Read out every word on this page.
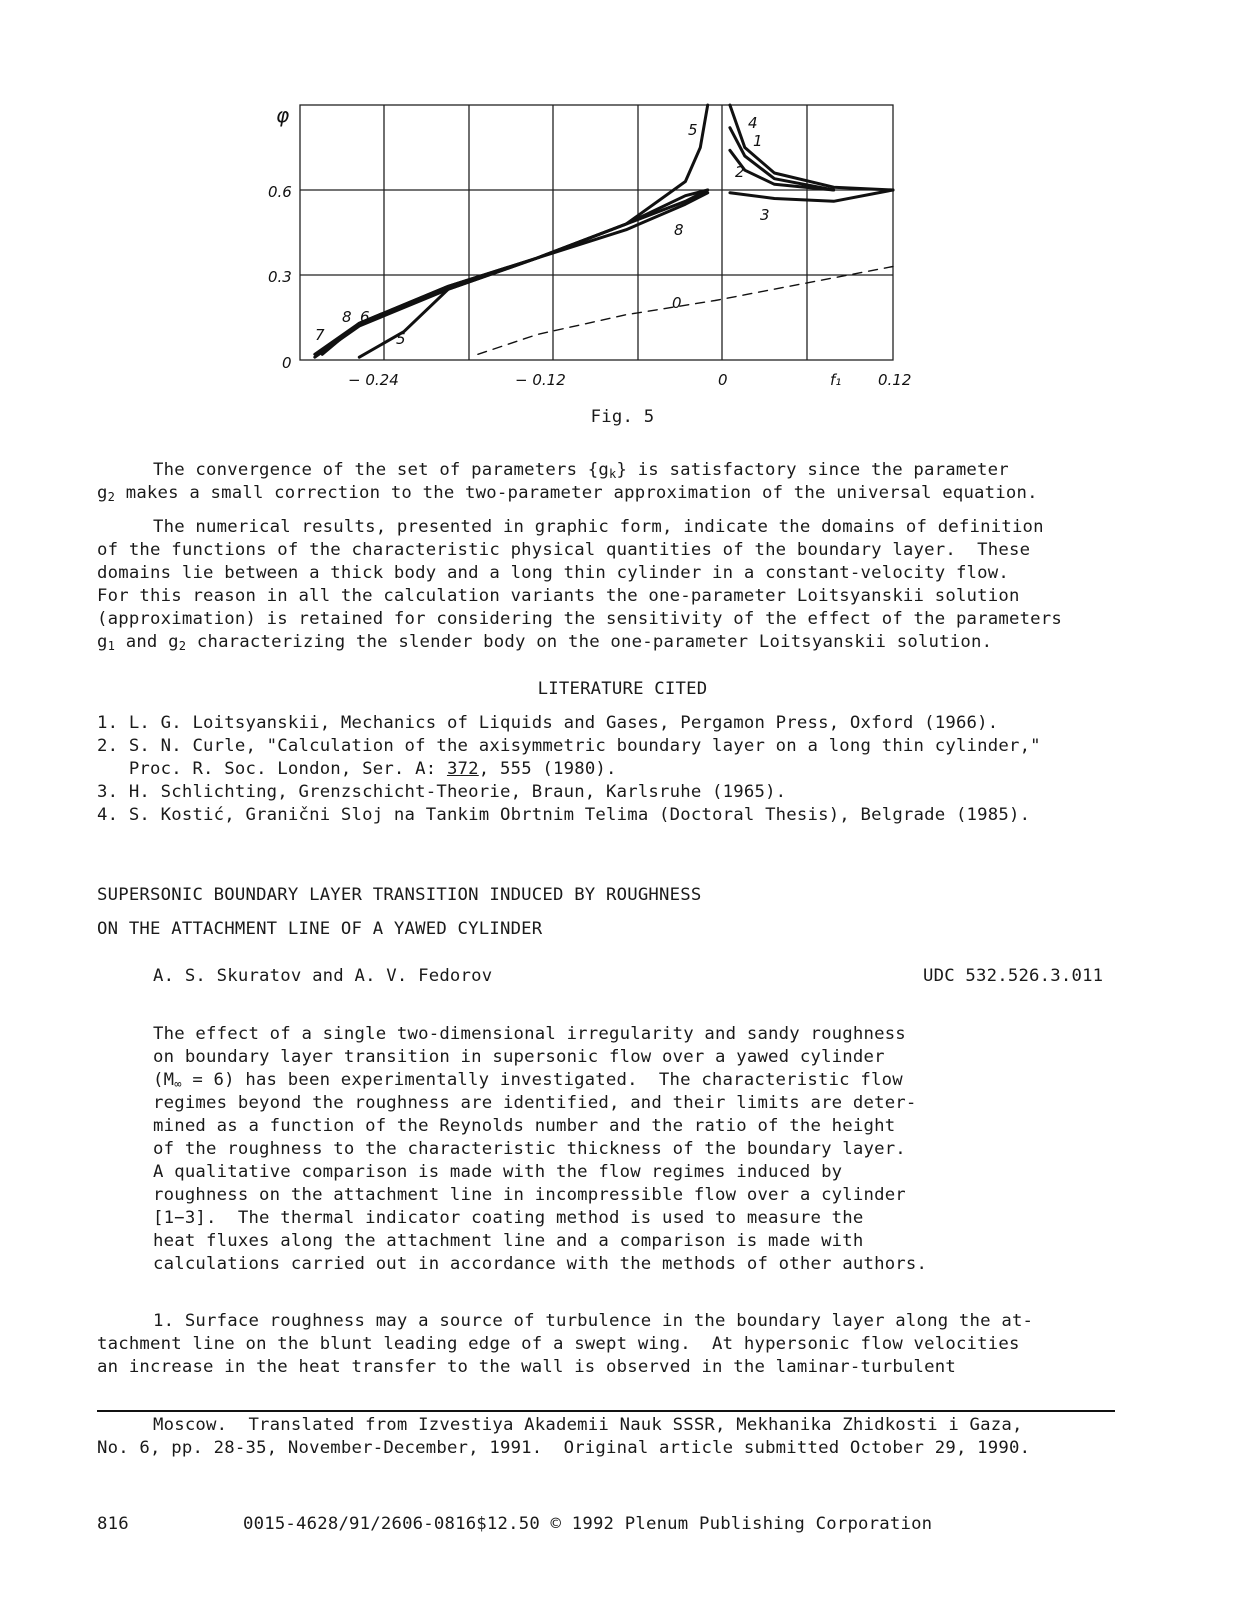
φ
0
0.3
0.6
− 0.24	− 0.12	0	f₁ 0.12
5	4
1
2
3
8
0
7
8 6
5
Fig. 5
The convergence of the set of parameters $\{g_k\}$ is satisfactory since the parameter
$g_2$ makes a small correction to the two-parameter approximation of the universal equation.
The numerical results, presented in graphic form, indicate the domains of definition
of the functions of the characteristic physical quantities of the boundary layer.  These
domains lie between a thick body and a long thin cylinder in a constant-velocity flow.
For this reason in all the calculation variants the one-parameter Loitsyanskii solution
(approximation) is retained for considering the sensitivity of the effect of the parameters
$g_1$ and $g_2$ characterizing the slender body on the one-parameter Loitsyanskii solution.
LITERATURE CITED
1. L. G. Loitsyanskii, Mechanics of Liquids and Gases, Pergamon Press, Oxford (1966).
2. S. N. Curle, "Calculation of the axisymmetric boundary layer on a long thin cylinder,"
Proc. R. Soc. London, Ser. A: 372, 555 (1980).
3. H. Schlichting, Grenzschicht-Theorie, Braun, Karlsruhe (1965).
4. S. Kostić, Granični Sloj na Tankim Obrtnim Telima (Doctoral Thesis), Belgrade (1985).
SUPERSONIC BOUNDARY LAYER TRANSITION INDUCED BY ROUGHNESS
ON THE ATTACHMENT LINE OF A YAWED CYLINDER
A. S. Skuratov and A. V. Fedorov	UDC 532.526.3.011
The effect of a single two-dimensional irregularity and sandy roughness
on boundary layer transition in supersonic flow over a yawed cylinder
$(M_\infty = 6)$ has been experimentally investigated.  The characteristic flow
regimes beyond the roughness are identified, and their limits are deter-
mined as a function of the Reynolds number and the ratio of the height
of the roughness to the characteristic thickness of the boundary layer.
A qualitative comparison is made with the flow regimes induced by
roughness on the attachment line in incompressible flow over a cylinder
[1−3].  The thermal indicator coating method is used to measure the
heat fluxes along the attachment line and a comparison is made with
calculations carried out in accordance with the methods of other authors.
1. Surface roughness may a source of turbulence in the boundary layer along the at-
tachment line on the blunt leading edge of a swept wing.  At hypersonic flow velocities
an increase in the heat transfer to the wall is observed in the laminar-turbulent
Moscow.  Translated from Izvestiya Akademii Nauk SSSR, Mekhanika Zhidkosti i Gaza,
No. 6, pp. 28-35, November-December, 1991.  Original article submitted October 29, 1990.
816	0015-4628/91/2606-0816$12.50 © 1992 Plenum Publishing Corporation
